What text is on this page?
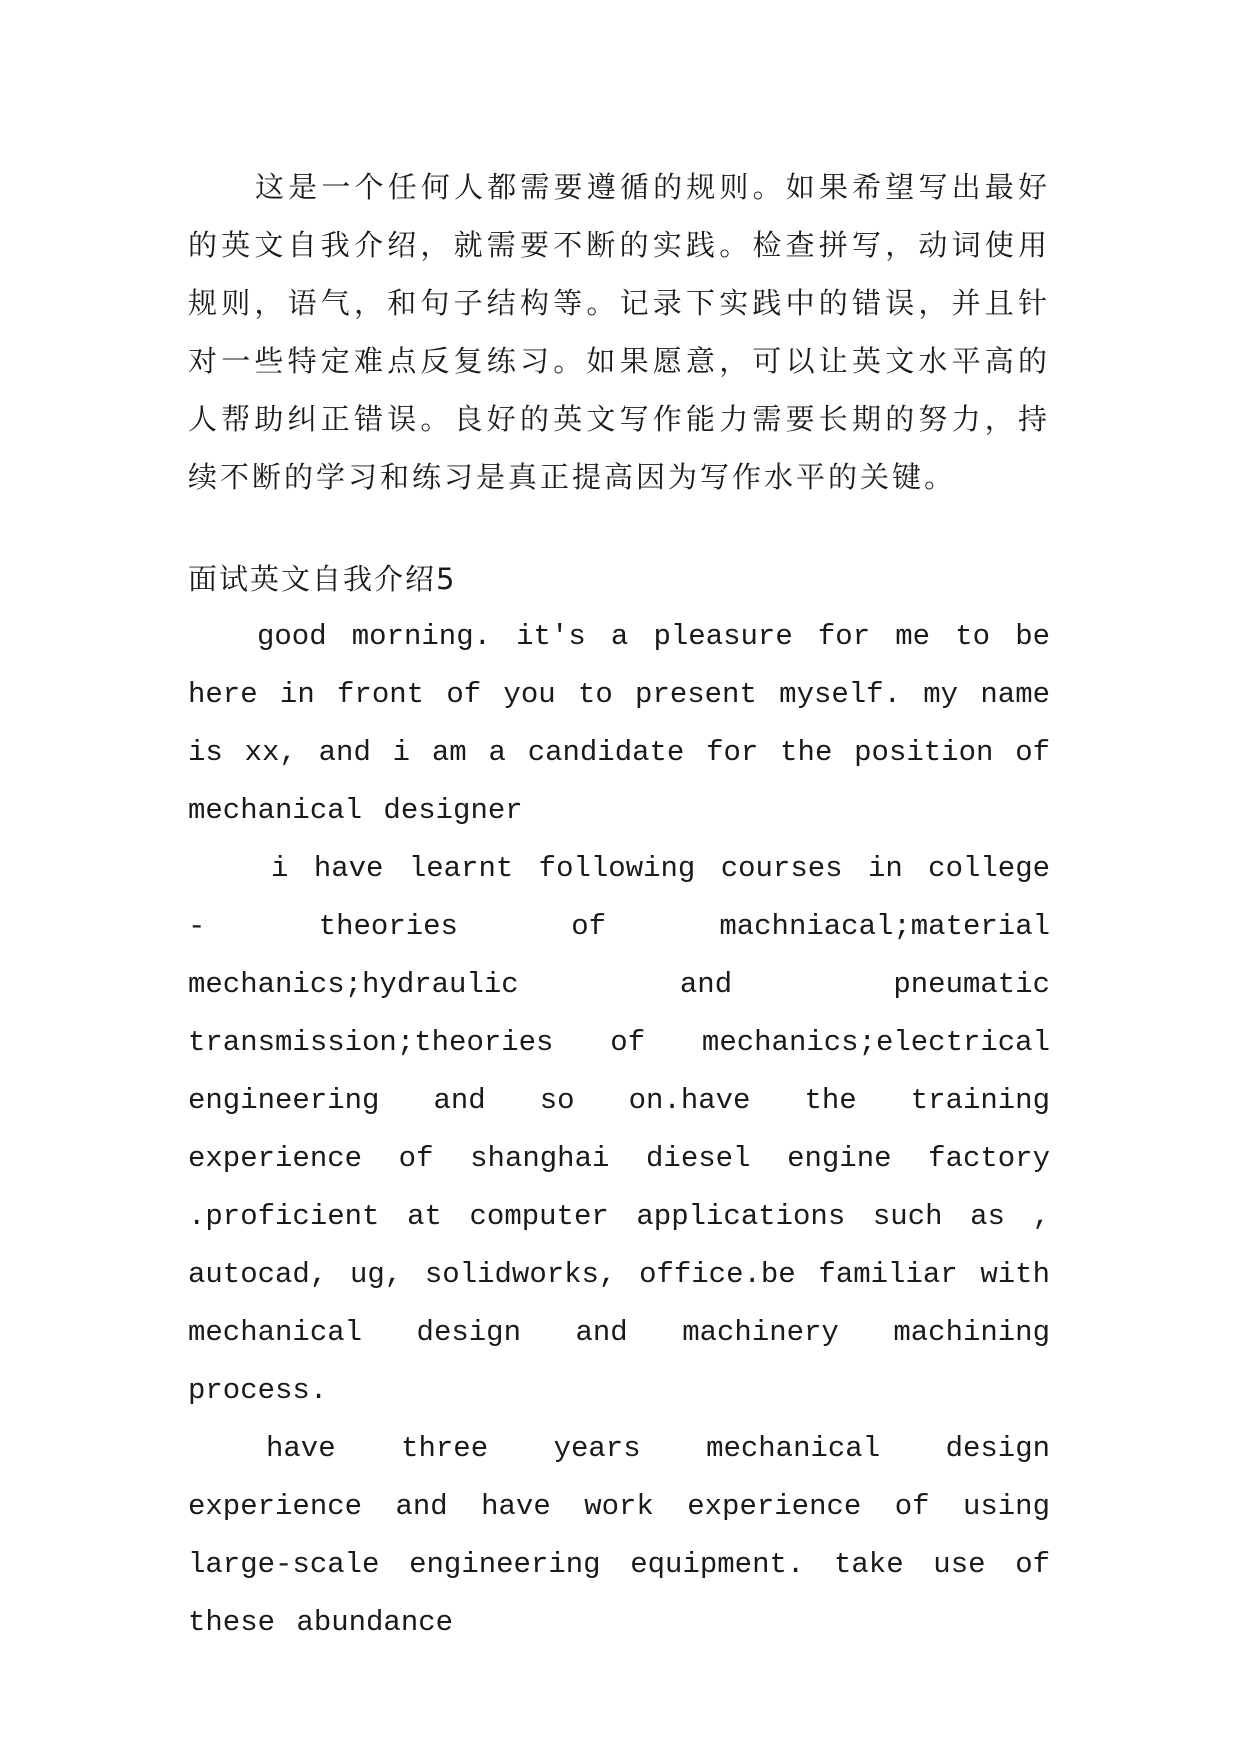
这是一个任何人都需要遵循的规则。如果希望写出最好的英文自我介绍，就需要不断的实践。检查拼写，动词使用规则，语气，和句子结构等。记录下实践中的错误，并且针对一些特定难点反复练习。如果愿意，可以让英文水平高的人帮助纠正错误。良好的英文写作能力需要长期的努力，持续不断的学习和练习是真正提高因为写作水平的关键。

面试英文自我介绍5

good morning. it's a pleasure for me to be here in front of you to present myself. my name is xx, and i am a candidate for the position of mechanical designer

i have learnt following courses in college - theories of machniacal;material mechanics;hydraulic and pneumatic transmission;theories of mechanics;electrical engineering and so on.have the training experience of shanghai diesel engine factory .proficient at computer applications such as , autocad, ug, solidworks, office.be familiar with mechanical design and machinery machining process.

have three years mechanical design experience and have work experience of using large-scale engineering equipment. take use of these abundance
